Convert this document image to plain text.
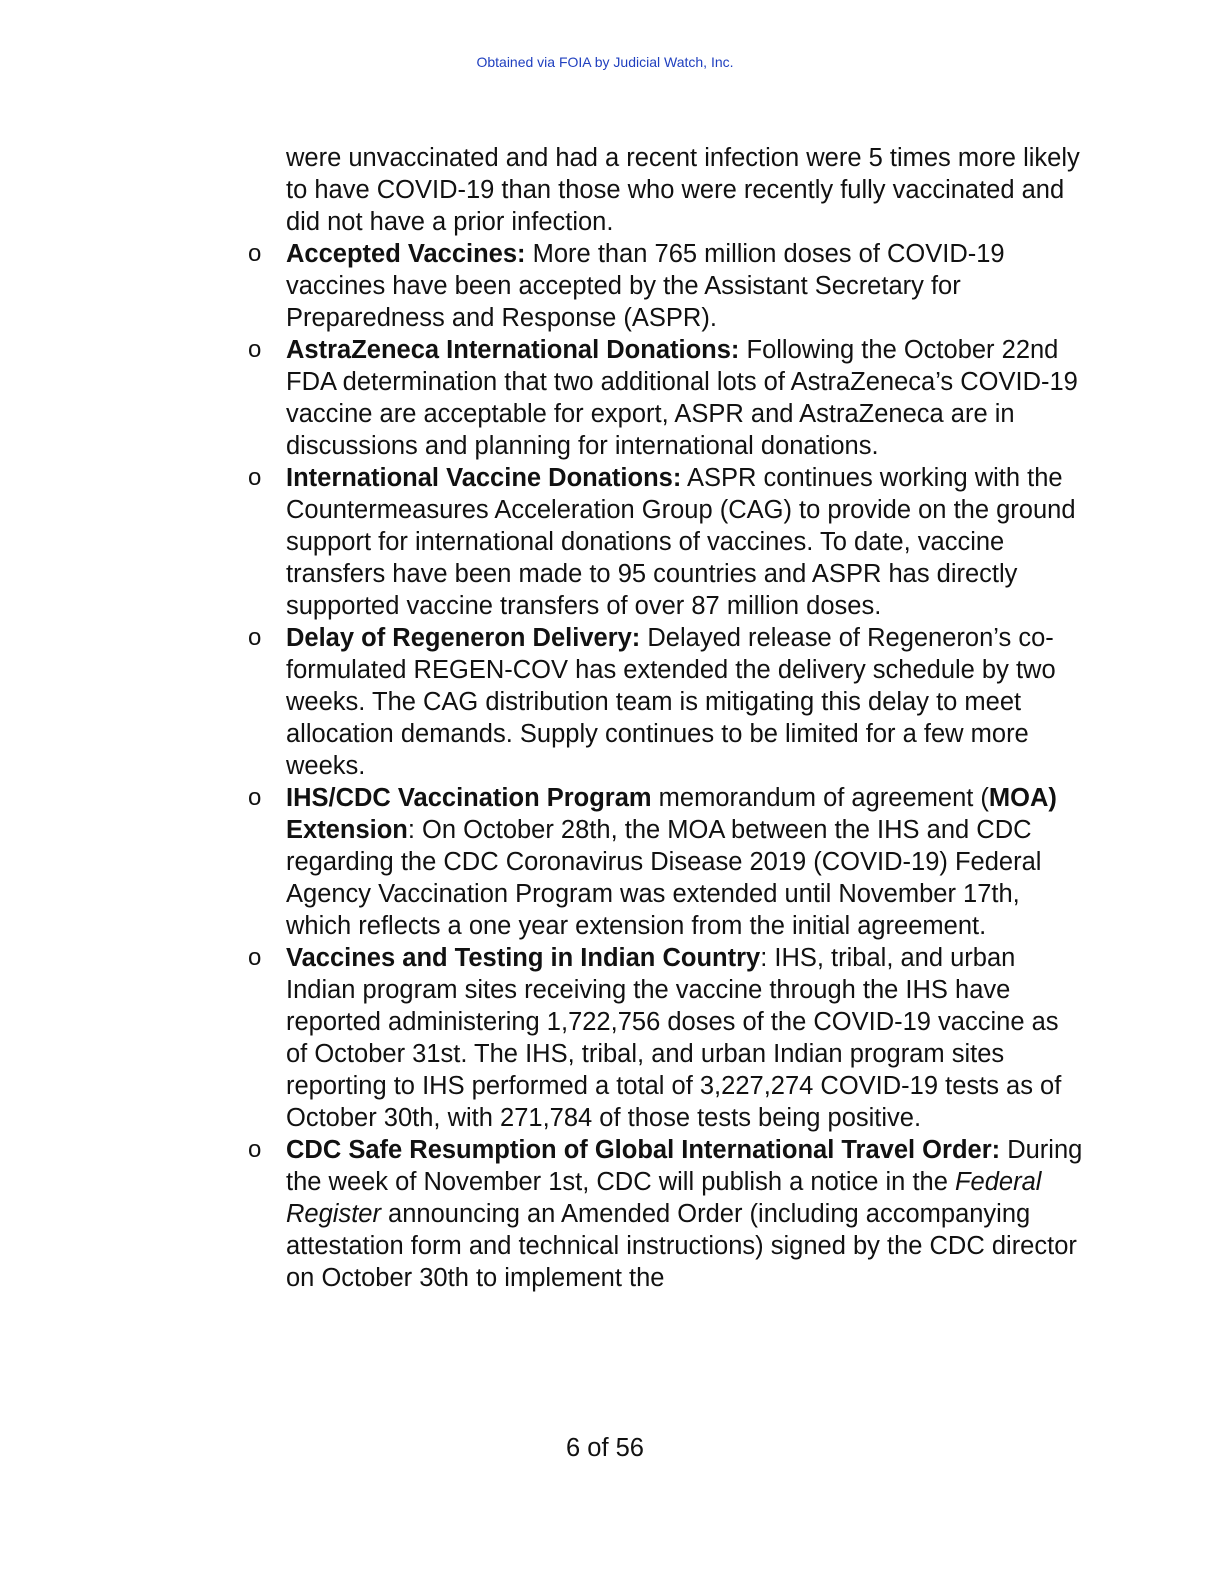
Obtained via FOIA by Judicial Watch, Inc.

were unvaccinated and had a recent infection were 5 times more likely to have COVID-19 than those who were recently fully vaccinated and did not have a prior infection.

o Accepted Vaccines: More than 765 million doses of COVID-19 vaccines have been accepted by the Assistant Secretary for Preparedness and Response (ASPR).
o AstraZeneca International Donations: Following the October 22nd FDA determination that two additional lots of AstraZeneca’s COVID-19 vaccine are acceptable for export, ASPR and AstraZeneca are in discussions and planning for international donations.
o International Vaccine Donations: ASPR continues working with the Countermeasures Acceleration Group (CAG) to provide on the ground support for international donations of vaccines. To date, vaccine transfers have been made to 95 countries and ASPR has directly supported vaccine transfers of over 87 million doses.
o Delay of Regeneron Delivery: Delayed release of Regeneron’s co-formulated REGEN-COV has extended the delivery schedule by two weeks. The CAG distribution team is mitigating this delay to meet allocation demands. Supply continues to be limited for a few more weeks.
o IHS/CDC Vaccination Program memorandum of agreement (MOA) Extension: On October 28th, the MOA between the IHS and CDC regarding the CDC Coronavirus Disease 2019 (COVID-19) Federal Agency Vaccination Program was extended until November 17th, which reflects a one year extension from the initial agreement.
o Vaccines and Testing in Indian Country: IHS, tribal, and urban Indian program sites receiving the vaccine through the IHS have reported administering 1,722,756 doses of the COVID-19 vaccine as of October 31st. The IHS, tribal, and urban Indian program sites reporting to IHS performed a total of 3,227,274 COVID-19 tests as of October 30th, with 271,784 of those tests being positive.
o CDC Safe Resumption of Global International Travel Order: During the week of November 1st, CDC will publish a notice in the Federal Register announcing an Amended Order (including accompanying attestation form and technical instructions) signed by the CDC director on October 30th to implement the
6 of 56
